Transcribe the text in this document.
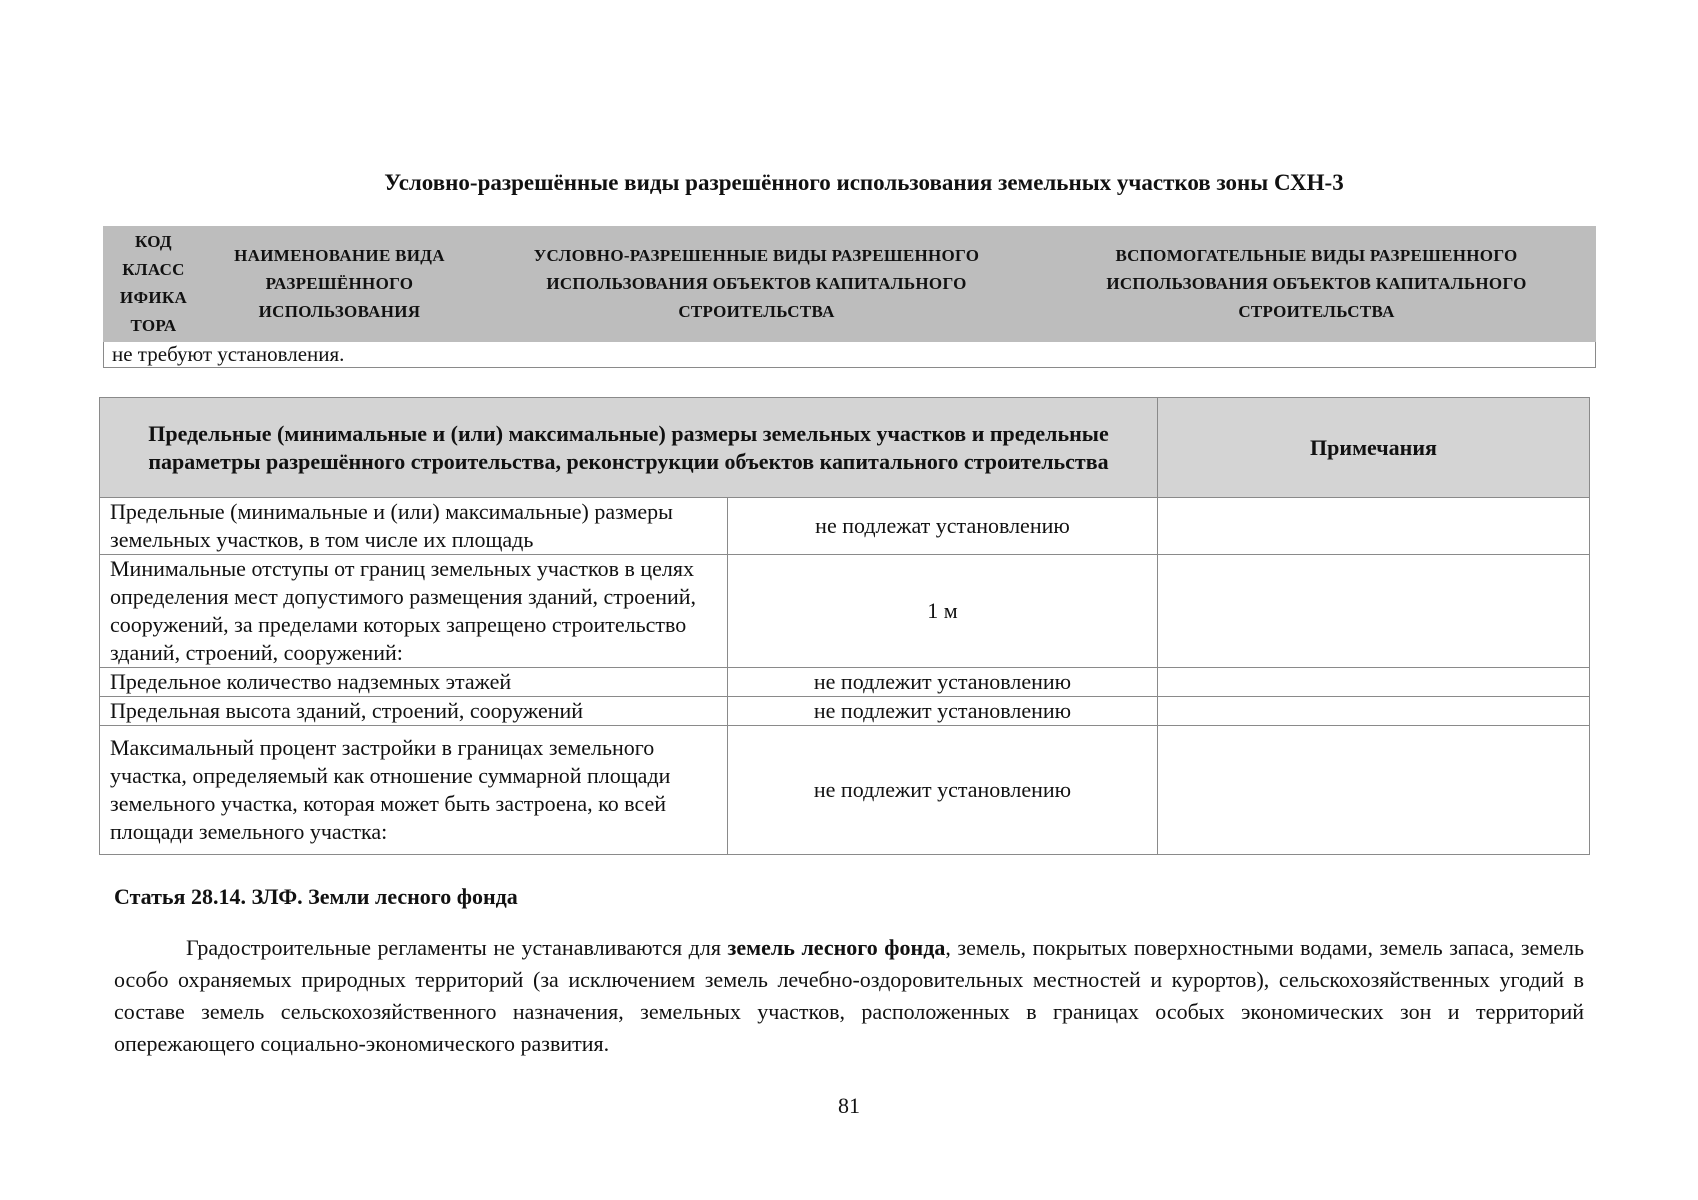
Условно-разрешённые виды разрешённого использования земельных участков зоны СХН-3
КОД КЛАСС ИФИКА ТОРА

НАИМЕНОВАНИЕ ВИДА РАЗРЕШЁННОГО ИСПОЛЬЗОВАНИЯ

УСЛОВНО-РАЗРЕШЕННЫЕ ВИДЫ РАЗРЕШЕННОГО ИСПОЛЬЗОВАНИЯ ОБЪЕКТОВ КАПИТАЛЬНОГО СТРОИТЕЛЬСТВА

ВСПОМОГАТЕЛЬНЫЕ ВИДЫ РАЗРЕШЕННОГО ИСПОЛЬЗОВАНИЯ ОБЪЕКТОВ КАПИТАЛЬНОГО СТРОИТЕЛЬСТВА

не требуют установления.
Предельные (минимальные и (или) максимальные) размеры земельных участков и предельные параметры разрешённого строительства, реконструкции объектов капитального строительства		Примечания
Предельные (минимальные и (или) максимальные) размеры земельных участков, в том числе их площадь	не подлежат установлению	
Минимальные отступы от границ земельных участков в целях определения мест допустимого размещения зданий, строений, сооружений, за пределами которых запрещено строительство зданий, строений, сооружений:	1 м	
Предельное количество надземных этажей	не подлежит установлению	
Предельная высота зданий, строений, сооружений	не подлежит установлению	
Максимальный процент застройки в границах земельного участка, определяемый как отношение суммарной площади земельного участка, которая может быть застроена, ко всей площади земельного участка:	не подлежит установлению	
Статья 28.14. ЗЛФ. Земли лесного фонда

Градостроительные регламенты не устанавливаются для земель лесного фонда, земель, покрытых поверхностными водами, земель запаса, земель особо охраняемых природных территорий (за исключением земель лечебно-оздоровительных местностей и курортов), сельскохозяйственных угодий в составе земель сельскохозяйственного назначения, земельных участков, расположенных в границах особых экономических зон и территорий опережающего социально-экономического развития.

81
